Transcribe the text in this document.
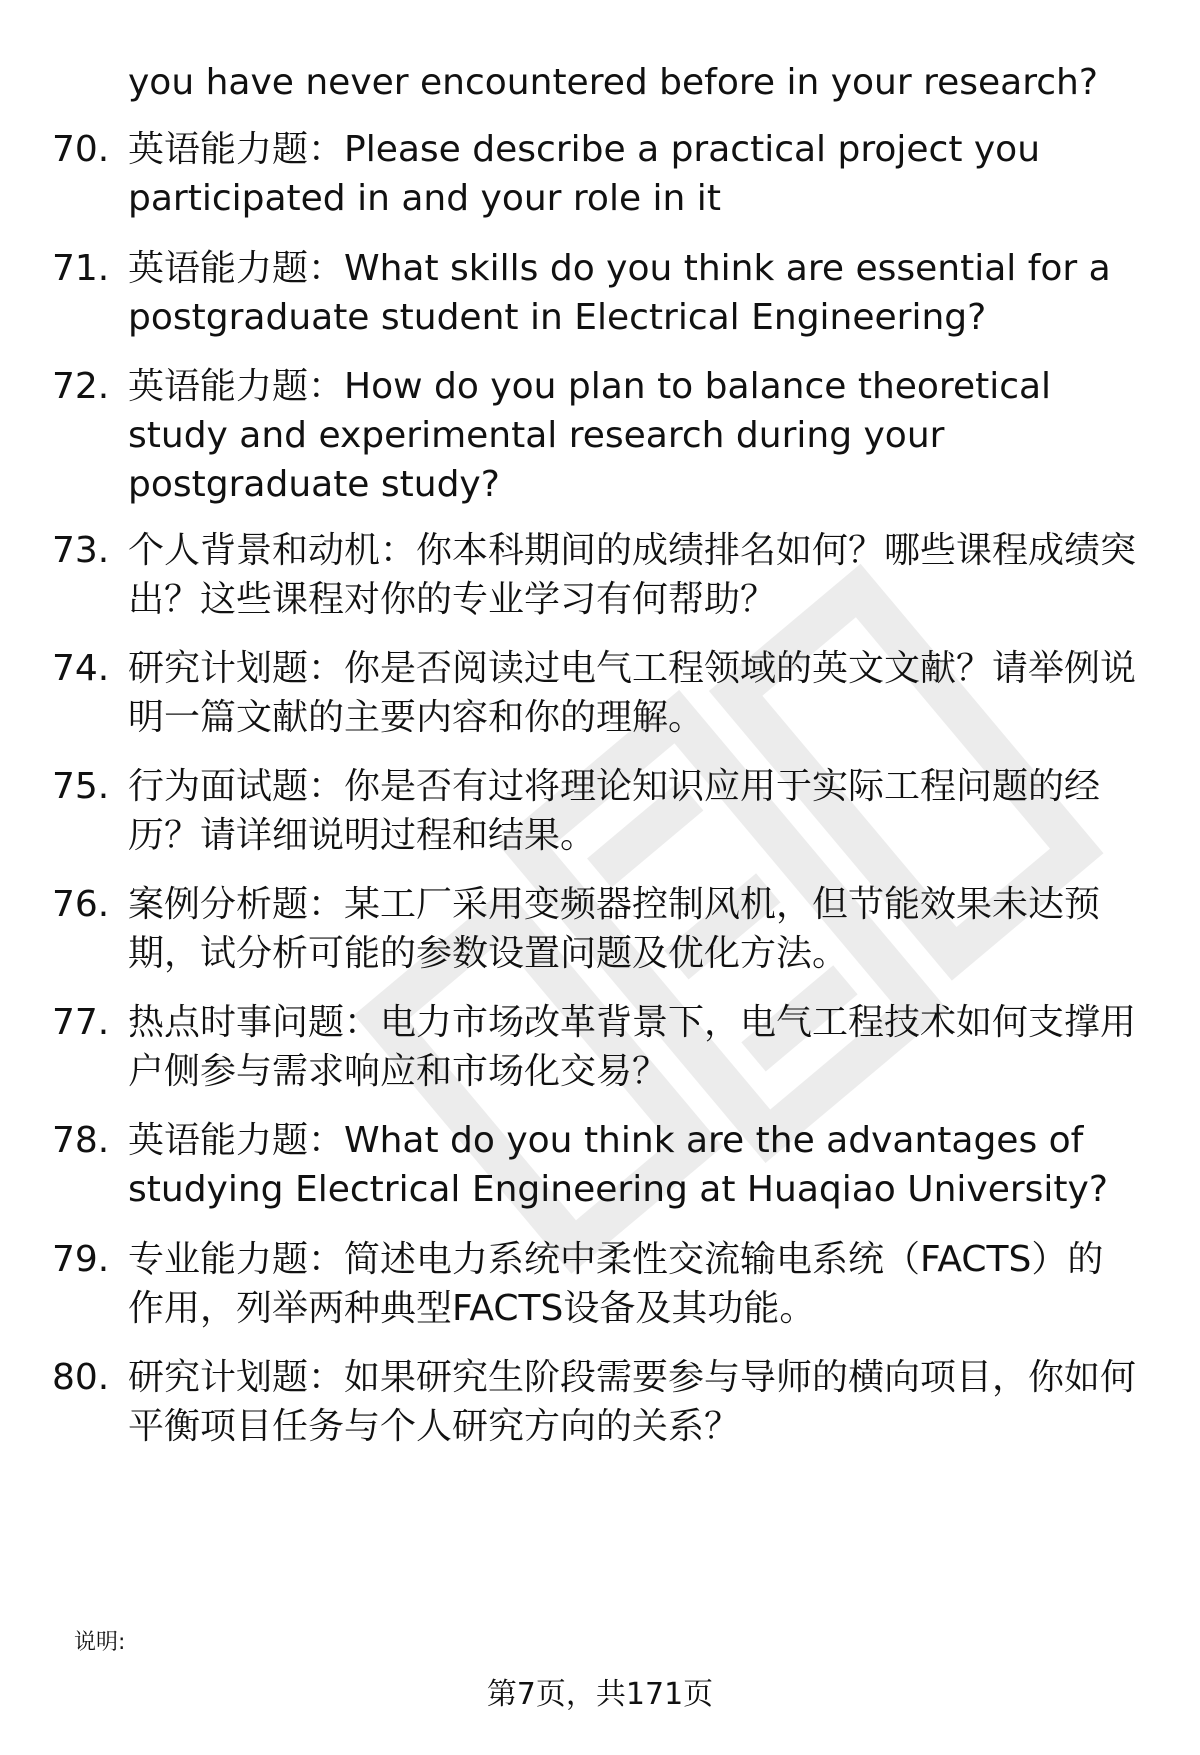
you have never encountered before in your research?
70. 英语能力题：Please describe a practical project you participated in and your role in it
71. 英语能力题：What skills do you think are essential for a postgraduate student in Electrical Engineering?
72. 英语能力题：How do you plan to balance theoretical study and experimental research during your postgraduate study?
73. 个人背景和动机：你本科期间的成绩排名如何？哪些课程成绩突出？这些课程对你的专业学习有何帮助？
74. 研究计划题：你是否阅读过电气工程领域的英文文献？请举例说明一篇文献的主要内容和你的理解。
75. 行为面试题：你是否有过将理论知识应用于实际工程问题的经历？请详细说明过程和结果。
76. 案例分析题：某工厂采用变频器控制风机，但节能效果未达预期，试分析可能的参数设置问题及优化方法。
77. 热点时事问题：电力市场改革背景下，电气工程技术如何支撑用户侧参与需求响应和市场化交易？
78. 英语能力题：What do you think are the advantages of studying Electrical Engineering at Huaqiao University?
79. 专业能力题：简述电力系统中柔性交流输电系统（FACTS）的作用，列举两种典型FACTS设备及其功能。
80. 研究计划题：如果研究生阶段需要参与导师的横向项目，你如何平衡项目任务与个人研究方向的关系？
说明:
第7页，共171页
